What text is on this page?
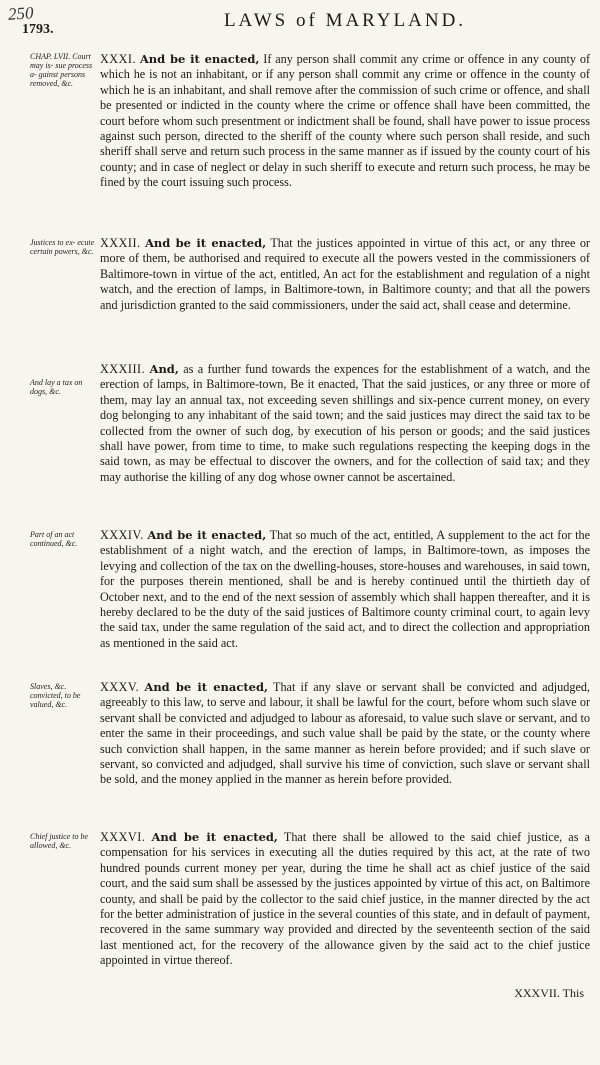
250
1793.	LAWS of MARYLAND.
CHAP. LVII. Court may is- sue process a- gainst persons removed, &c.
XXXI. And be it enacted, If any person shall commit any crime or offence in any county of which he is not an inhabitant, or if any person shall commit any crime or offence in the county of which he is an inhabitant, and shall remove after the commission of such crime or offence, and shall be presented or indicted in the county where the crime or offence shall have been committed, the court before whom such presentment or indictment shall be found, shall have power to issue process against such person, directed to the sheriff of the county where such person shall reside, and such sheriff shall serve and return such process in the same manner as if issued by the county court of his county; and in case of neglect or delay in such sheriff to execute and return such process, he may be fined by the court issuing such process.
Justices to ex- ecute certain powers, &c.
XXXII. And be it enacted, That the justices appointed in virtue of this act, or any three or more of them, be authorised and required to execute all the powers vested in the commissioners of Baltimore-town in virtue of the act, entitled, An act for the establishment and regulation of a night watch, and the erection of lamps, in Baltimore-town, in Baltimore county; and that all the powers and jurisdiction granted to the said commissioners, under the said act, shall cease and determine.
And lay a tax on dogs, &c.
XXXIII. And, as a further fund towards the expences for the establishment of a watch, and the erection of lamps, in Baltimore-town, Be it enacted, That the said justices, or any three or more of them, may lay an annual tax, not exceeding seven shillings and six-pence current money, on every dog belonging to any inhabitant of the said town; and the said justices may direct the said tax to be collected from the owner of such dog, by execution of his person or goods; and the said justices shall have power, from time to time, to make such regulations respecting the keeping dogs in the said town, as may be effectual to discover the owners, and for the collection of said tax; and they may authorise the killing of any dog whose owner cannot be ascertained.
Part of an act continued, &c.
XXXIV. And be it enacted, That so much of the act, entitled, A supplement to the act for the establishment of a night watch, and the erection of lamps, in Baltimore-town, as imposes the levying and collection of the tax on the dwelling-houses, store-houses and warehouses, in said town, for the purposes therein mentioned, shall be and is hereby continued until the thirtieth day of October next, and to the end of the next session of assembly which shall happen thereafter, and it is hereby declared to be the duty of the said justices of Baltimore county criminal court, to again levy the said tax, under the same regulation of the said act, and to direct the collection and appropriation as mentioned in the said act.
Slaves, &c. convicted, to be valued, &c.
XXXV. And be it enacted, That if any slave or servant shall be convicted and adjudged, agreeably to this law, to serve and labour, it shall be lawful for the court, before whom such slave or servant shall be convicted and adjudged to labour as aforesaid, to value such slave or servant, and to enter the same in their proceedings, and such value shall be paid by the state, or the county where such conviction shall happen, in the same manner as herein before provided; and if such slave or servant, so convicted and adjudged, shall survive his time of conviction, such slave or servant shall be sold, and the money applied in the manner as herein before provided.
Chief justice to be allowed, &c.
XXXVI. And be it enacted, That there shall be allowed to the said chief justice, as a compensation for his services in executing all the duties required by this act, at the rate of two hundred pounds current money per year, during the time he shall act as chief justice of the said court, and the said sum shall be assessed by the justices appointed by virtue of this act, on Baltimore county, and shall be paid by the collector to the said chief justice, in the manner directed by the act for the better administration of justice in the several counties of this state, and in default of payment, recovered in the same summary way provided and directed by the seventeenth section of the said last mentioned act, for the recovery of the allowance given by the said act to the chief justice appointed in virtue thereof.
XXXVII. This
